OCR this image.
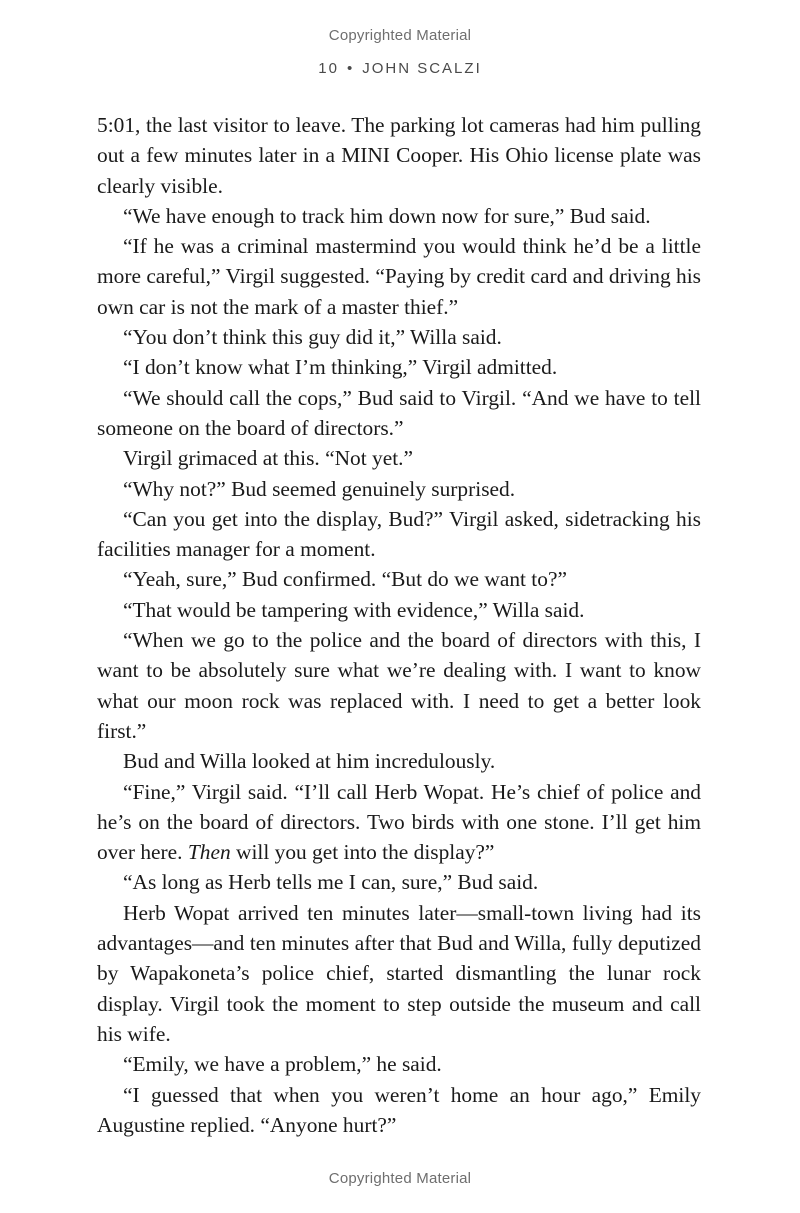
Copyrighted Material
10 • JOHN SCALZI

5:01, the last visitor to leave. The parking lot cameras had him pulling out a few minutes later in a MINI Cooper. His Ohio license plate was clearly visible.

“We have enough to track him down now for sure,” Bud said.

“If he was a criminal mastermind you would think he’d be a little more careful,” Virgil suggested. “Paying by credit card and driving his own car is not the mark of a master thief.”

“You don’t think this guy did it,” Willa said.

“I don’t know what I’m thinking,” Virgil admitted.

“We should call the cops,” Bud said to Virgil. “And we have to tell someone on the board of directors.”

Virgil grimaced at this. “Not yet.”

“Why not?” Bud seemed genuinely surprised.

“Can you get into the display, Bud?” Virgil asked, sidetracking his facilities manager for a moment.

“Yeah, sure,” Bud confirmed. “But do we want to?”

“That would be tampering with evidence,” Willa said.

“When we go to the police and the board of directors with this, I want to be absolutely sure what we’re dealing with. I want to know what our moon rock was replaced with. I need to get a better look first.”

Bud and Willa looked at him incredulously.

“Fine,” Virgil said. “I’ll call Herb Wopat. He’s chief of police and he’s on the board of directors. Two birds with one stone. I’ll get him over here. Then will you get into the display?”

“As long as Herb tells me I can, sure,” Bud said.

Herb Wopat arrived ten minutes later—small-town living had its advantages—and ten minutes after that Bud and Willa, fully deputized by Wapakoneta’s police chief, started dismantling the lunar rock display. Virgil took the moment to step outside the museum and call his wife.

“Emily, we have a problem,” he said.

“I guessed that when you weren’t home an hour ago,” Emily Augustine replied. “Anyone hurt?”

Copyrighted Material
